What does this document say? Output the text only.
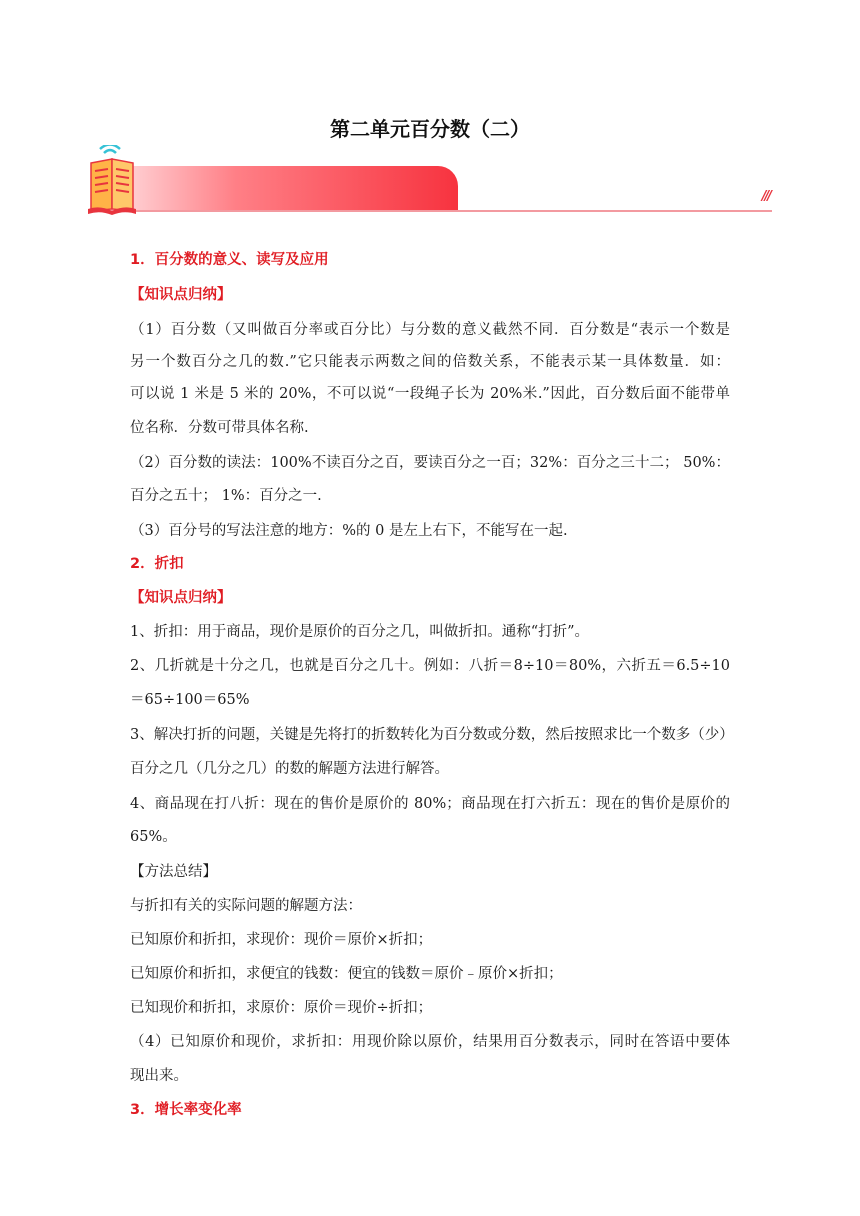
第二单元百分数（二）
///
1．百分数的意义、读写及应用
【知识点归纳】
（1）百分数（又叫做百分率或百分比）与分数的意义截然不同．百分数是“表示一个数是
另一个数百分之几的数.”它只能表示两数之间的倍数关系，不能表示某一具体数量．如：
可以说 1 米是 5 米的 20%，不可以说“一段绳子长为 20%米.”因此，百分数后面不能带单
位名称．分数可带具体名称.
（2）百分数的读法：100%不读百分之百，要读百分之一百；32%：百分之三十二； 50%：
百分之五十； 1%：百分之一.
（3）百分号的写法注意的地方：%的 0 是左上右下，不能写在一起.
2．折扣
【知识点归纳】
1、折扣：用于商品，现价是原价的百分之几，叫做折扣。通称“打折”。
2、几折就是十分之几，也就是百分之几十。例如：八折＝8÷10＝80%，六折五＝6.5÷10
＝65÷100＝65%
3、解决打折的问题，关键是先将打的折数转化为百分数或分数，然后按照求比一个数多（少）
百分之几（几分之几）的数的解题方法进行解答。
4、商品现在打八折：现在的售价是原价的 80%；商品现在打六折五：现在的售价是原价的
65%。
【方法总结】
与折扣有关的实际问题的解题方法：
已知原价和折扣，求现价：现价＝原价×折扣；
已知原价和折扣，求便宜的钱数：便宜的钱数＝原价﹣原价×折扣；
已知现价和折扣，求原价：原价＝现价÷折扣；
（4）已知原价和现价，求折扣：用现价除以原价，结果用百分数表示，同时在答语中要体
现出来。
3．增长率变化率
